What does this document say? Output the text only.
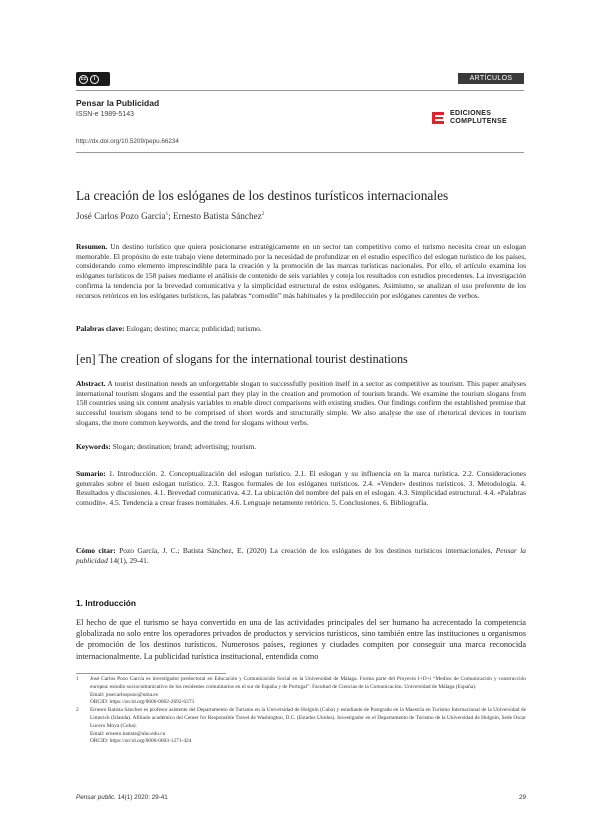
cc	i	ARTÍCULOS
Pensar la Publicidad
ISSN-e 1989-5143
http://dx.doi.org/10.5209/pepu.66234
EDICIONES
COMPLUTENSE
La creación de los eslóganes de los destinos turísticos internacionales
José Carlos Pozo García$^1$; Ernesto Batista Sánchez$^2$
Resumen. Un destino turístico que quiera posicionarse estratégicamente en un sector tan competitivo como el turismo necesita crear un eslogan memorable. El propósito de este trabajo viene determinado por la necesidad de profundizar en el estudio específico del eslogan turístico de los países, considerando como elemento imprescindible para la creación y la promoción de las marcas turísticas nacionales. Por ello, el artículo examina los eslóganes turísticos de 158 países mediante el análisis de contenido de seis variables y coteja los resultados con estudios precedentes. La investigación confirma la tendencia por la brevedad comunicativa y la simplicidad estructural de estos eslóganes. Asimismo, se analizan el uso preferente de los recursos retóricos en los eslóganes turísticos, las palabras “comodín” más habituales y la predilección por eslóganes carentes de verbos.
Palabras clave: Eslogan; destino; marca; publicidad; turismo.
[en] The creation of slogans for the international tourist destinations
Abstract. A tourist destination needs an unforgettable slogan to successfully position itself in a sector as competitive as tourism. This paper analyses international tourism slogans and the essential part they play in the creation and promotion of tourism brands. We examine the tourism slogans from 158 countries using six content analysis variables to enable direct comparisons with existing studies. Our findings confirm the established premise that successful tourism slogans tend to be comprised of short words and structurally simple. We also analyse the use of rhetorical devices in tourism slogans, the more common keywords, and the trend for slogans without verbs.
Keywords: Slogan; destination; brand; advertising; tourism.
Sumario: 1. Introducción. 2. Conceptualización del eslogan turístico. 2.1. El eslogan y su influencia en la marca turística. 2.2. Consideraciones generales sobre el buen eslogan turístico. 2.3. Rasgos formales de los eslóganes turísticos. 2.4. «Vender» destinos turísticos. 3. Metodología. 4. Resultados y discusiones. 4.1. Brevedad comunicativa. 4.2. La ubicación del nombre del país en el eslogan. 4.3. Simplicidad estructural. 4.4. «Palabras comodín». 4.5. Tendencia a crear frases nominales. 4.6. Lenguaje netamente retórico. 5. Conclusiones. 6. Bibliografía.
Cómo citar: Pozo García, J. C.; Batista Sánchez, E. (2020) La creación de los eslóganes de los destinos turísticos internacionales, Pensar la publicidad 14(1), 29-41.
1. Introducción
El hecho de que el turismo se haya convertido en una de las actividades principales del ser humano ha acrecentado la competencia globalizada no solo entre los operadores privados de productos y servicios turísticos, sino también entre las instituciones u organismos de promoción de los destinos turísticos. Numerosos países, regiones y ciudades compiten por conseguir una marca reconocida internacionalmente. La publicidad turística institucional, entendida como
1	José Carlos Pozo García es investigador predoctoral en Educación y Comunicación Social en la Universidad de Málaga. Forma parte del Proyecto I+D+i “Medios de Comunicación y construcción europea: estudio sociocomunicativo de los residentes comunitarios en el sur de España y de Portugal”. Facultad de Ciencias de la Comunicación. Universidad de Málaga (España).
Email: josecarlospozo@uma.es
ORCID: https://orcid.org/0000-0002-2692-6373
2	Ernesto Batista Sánchez es profesor asistente del Departamento de Turismo en la Universidad de Holguín (Cuba) y estudiante de Postgrado en la Maestría en Turismo Internacional de la Universidad de Limerick (Irlanda). Afiliado académico del Center for Responsible Travel de Washington, D.C. (Estados Unidos). Investigador en el Departamento de Turismo de la Universidad de Holguín, Sede Oscar Lucero Moya (Cuba).
Email: ernesto.batista@uho.edu.cu
ORCID: https://orcid.org/0000-0003-1271-424
Pensar public. 14(1) 2020: 29-41	29
